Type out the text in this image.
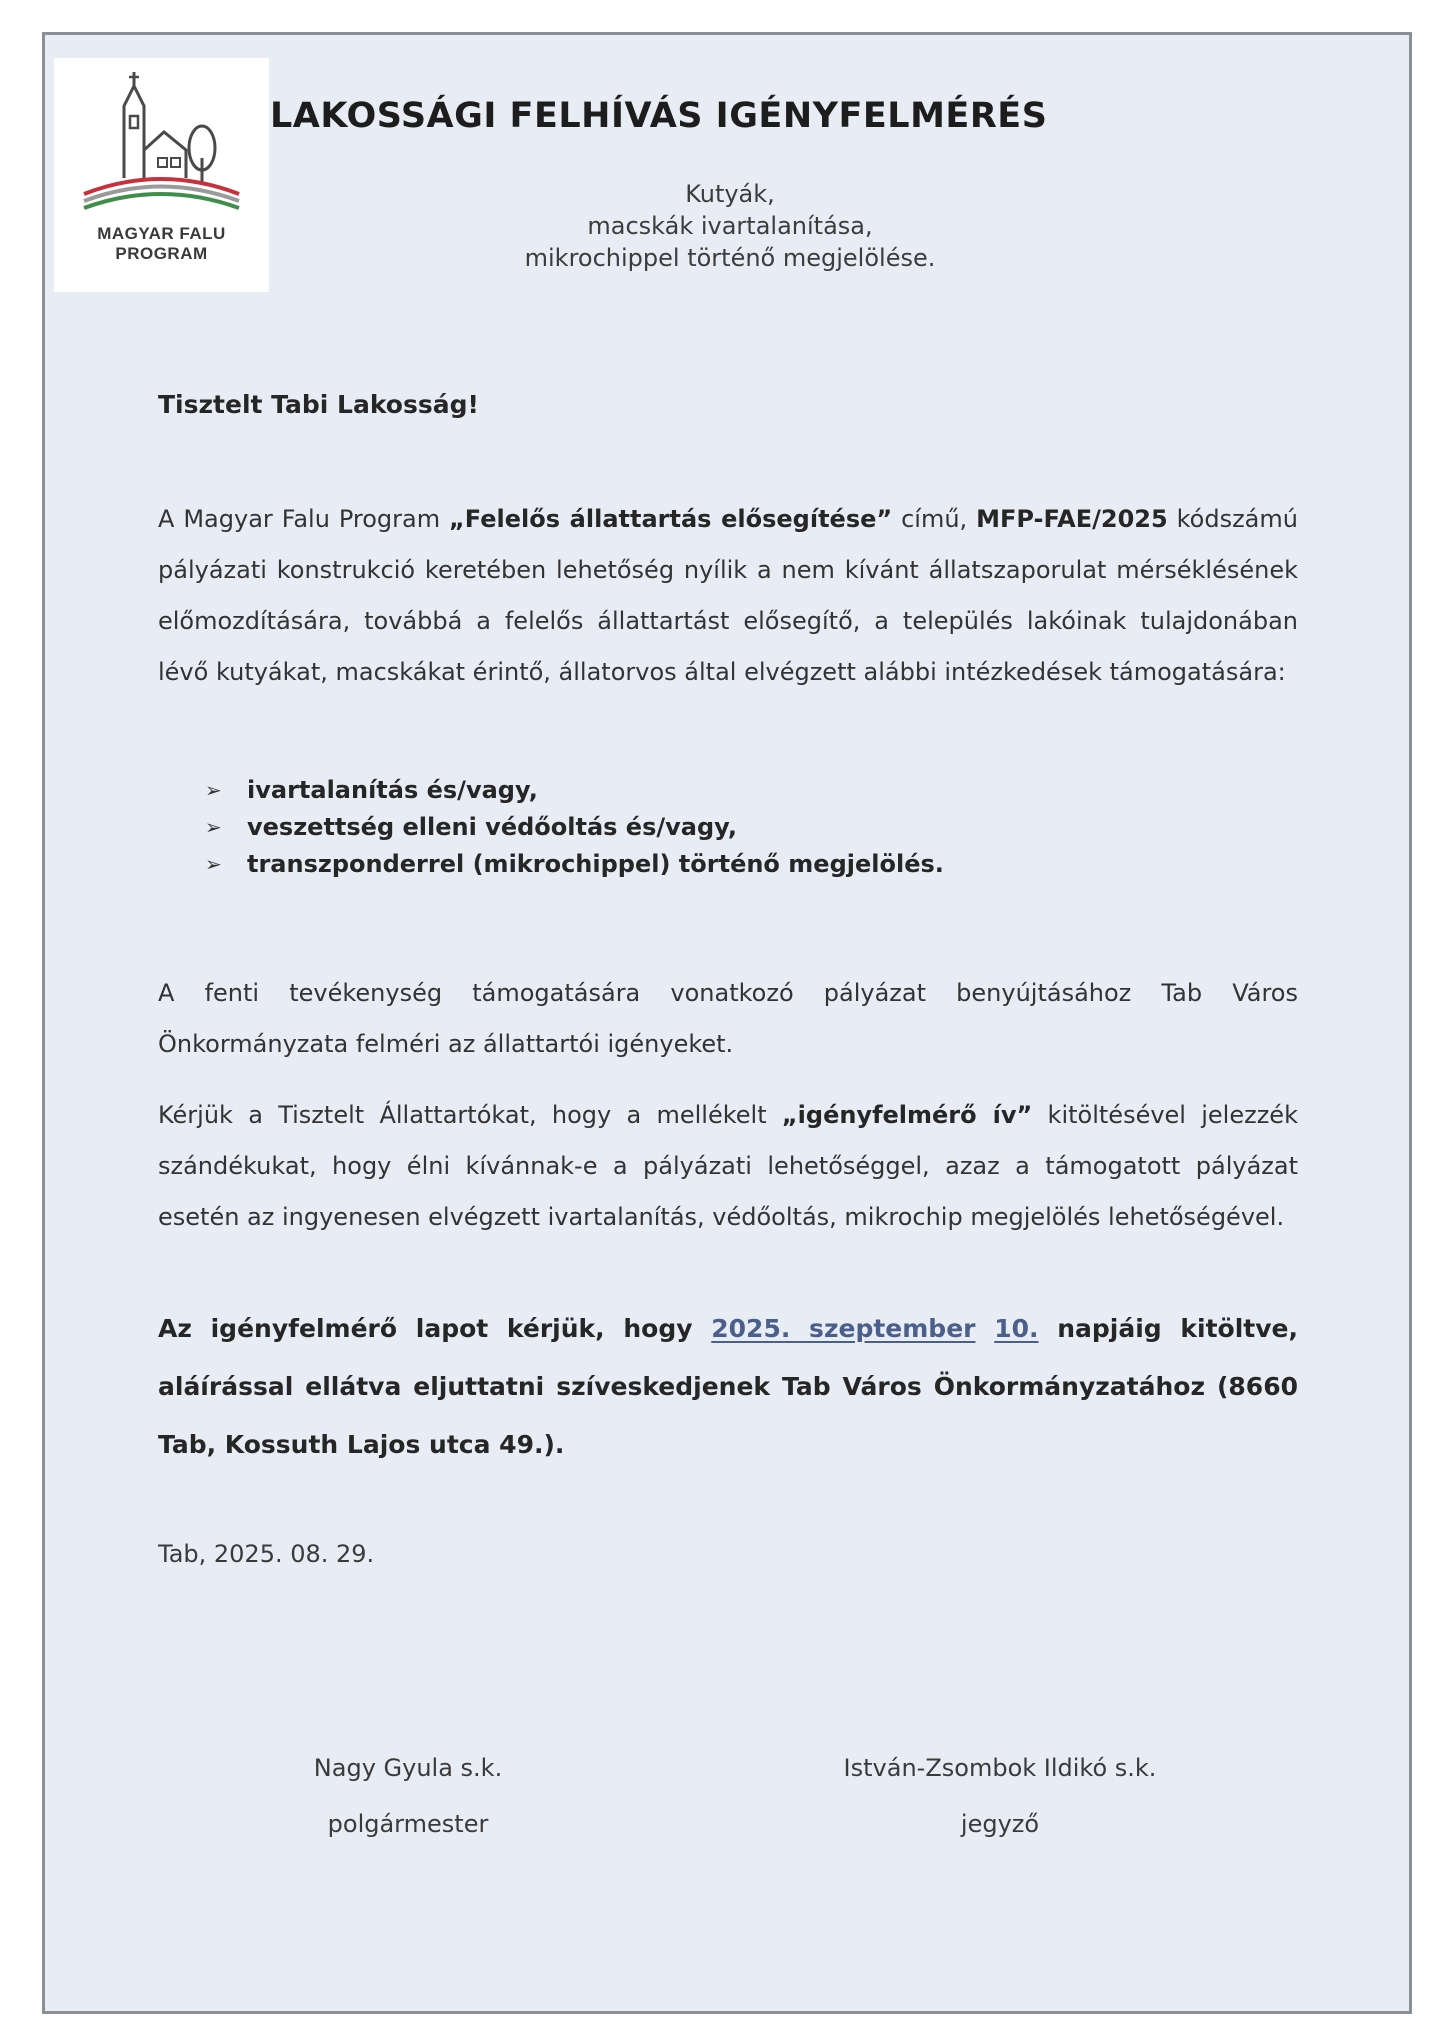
MAGYAR FALU
PROGRAM
LAKOSSÁGI FELHÍVÁS IGÉNYFELMÉRÉS
Kutyák,
macskák ivartalanítása,
mikrochippel történő megjelölése.
Tisztelt Tabi Lakosság!
A Magyar Falu Program „Felelős állattartás elősegítése” című, MFP-FAE/2025 kódszámú pályázati konstrukció keretében lehetőség nyílik a nem kívánt állatszaporulat mérséklésének előmozdítására, továbbá a felelős állattartást elősegítő, a település lakóinak tulajdonában lévő kutyákat, macskákat érintő, állatorvos által elvégzett alábbi intézkedések támogatására:
➢ ivartalanítás és/vagy,
➢ veszettség elleni védőoltás és/vagy,
➢ transzponderrel (mikrochippel) történő megjelölés.
A fenti tevékenység támogatására vonatkozó pályázat benyújtásához Tab Város Önkormányzata felméri az állattartói igényeket.
Kérjük a Tisztelt Állattartókat, hogy a mellékelt „igényfelmérő ív” kitöltésével jelezzék szándékukat, hogy élni kívánnak-e a pályázati lehetőséggel, azaz a támogatott pályázat esetén az ingyenesen elvégzett ivartalanítás, védőoltás, mikrochip megjelölés lehetőségével.
Az igényfelmérő lapot kérjük, hogy 2025. szeptember 10. napjáig kitöltve, aláírással ellátva eljuttatni szíveskedjenek Tab Város Önkormányzatához (8660 Tab, Kossuth Lajos utca 49.).
Tab, 2025. 08. 29.
Nagy Gyula s.k.
polgármester
István-Zsombok Ildikó s.k.
jegyző
